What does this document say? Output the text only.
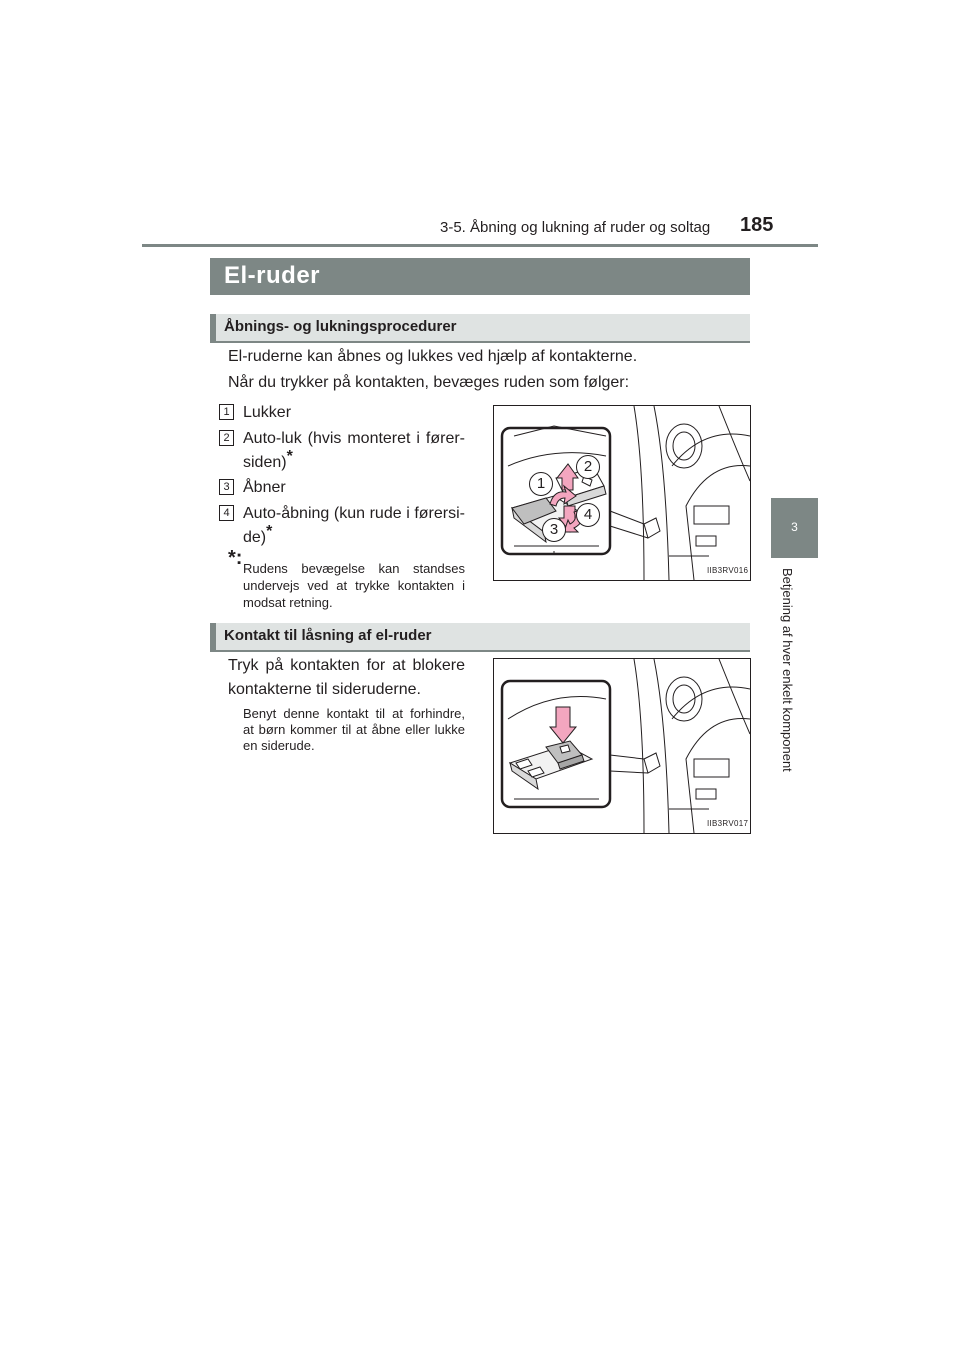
3-5. Åbning og lukning af ruder og soltag 185
3
Betjening af hver enkelt komponent
El-ruder
Åbnings- og lukningsprocedurer
El-ruderne kan åbnes og lukkes ved hjælp af kontakterne.
Når du trykker på kontakten, bevæges ruden som følger:
1 Lukker
2 Auto-luk (hvis monteret i fører-
siden)*
3 Åbner
4 Auto-åbning (kun rude i førersi-
de)*
*: Rudens bevægelse kan standses
undervejs ved at trykke kontakten i
modsat retning.
1
2
3
4
IIB3RV016
Kontakt til låsning af el-ruder
Tryk på kontakten for at blokere
kontakterne til sideruderne.
Benyt denne kontakt til at forhindre,
at børn kommer til at åbne eller lukke
en siderude.
IIB3RV017
